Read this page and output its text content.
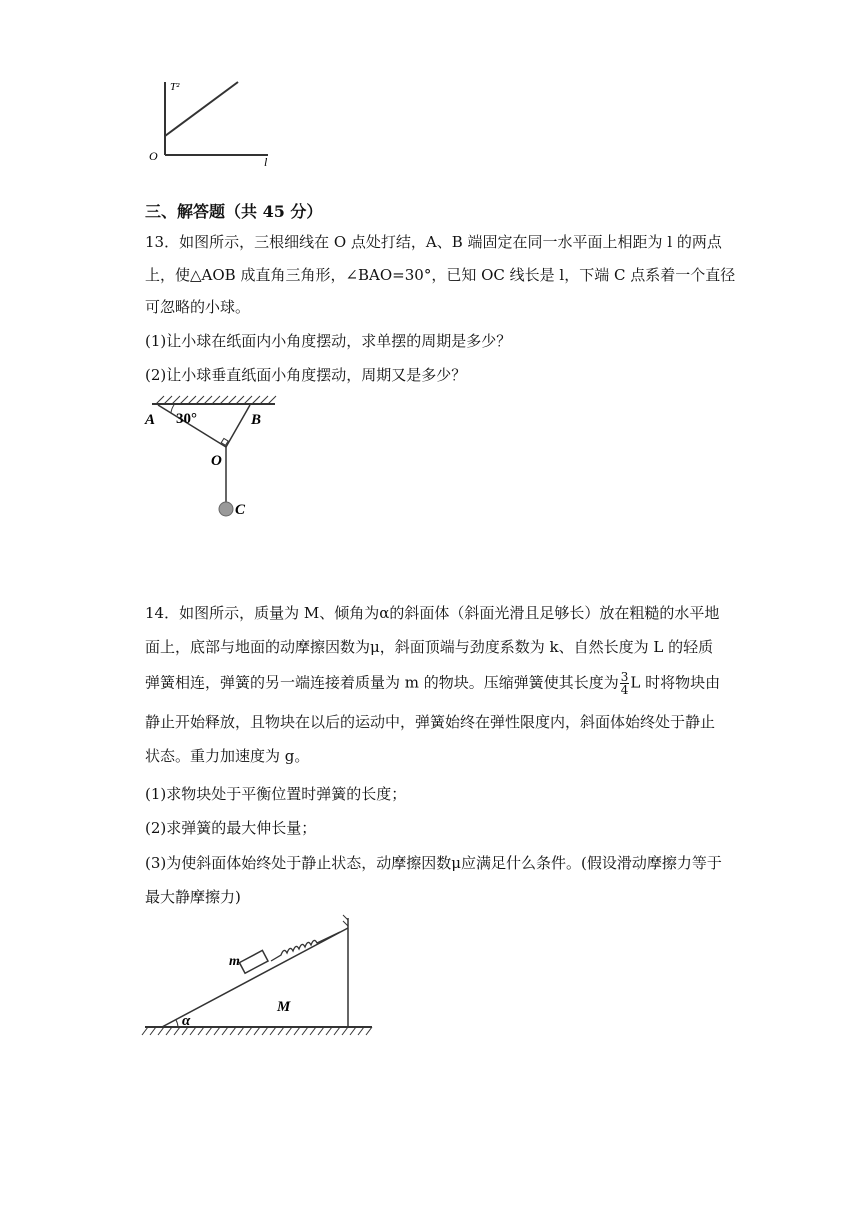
T²
O	l
三、解答题（共 45 分）
13．如图所示，三根细线在 O 点处打结，A、B 端固定在同一水平面上相距为 l 的两点
上，使△AOB 成直角三角形，∠BAO=30°，已知 OC 线长是 l，下端 C 点系着一个直径
可忽略的小球。
(1)让小球在纸面内小角度摆动，求单摆的周期是多少？
(2)让小球垂直纸面小角度摆动，周期又是多少？
A 30°	B
O
C
14．如图所示，质量为 M、倾角为α的斜面体（斜面光滑且足够长）放在粗糙的水平地
面上，底部与地面的动摩擦因数为μ，斜面顶端与劲度系数为 k、自然长度为 L 的轻质
弹簧相连，弹簧的另一端连接着质量为 m 的物块。压缩弹簧使其长度为 $\frac{3}{4}$ L 时将物块由
静止开始释放，且物块在以后的运动中，弹簧始终在弹性限度内，斜面体始终处于静止
状态。重力加速度为 g。
(1)求物块处于平衡位置时弹簧的长度；
(2)求弹簧的最大伸长量；
(3)为使斜面体始终处于静止状态，动摩擦因数μ应满足什么条件。(假设滑动摩擦力等于
最大静摩擦力)
m
M
α
